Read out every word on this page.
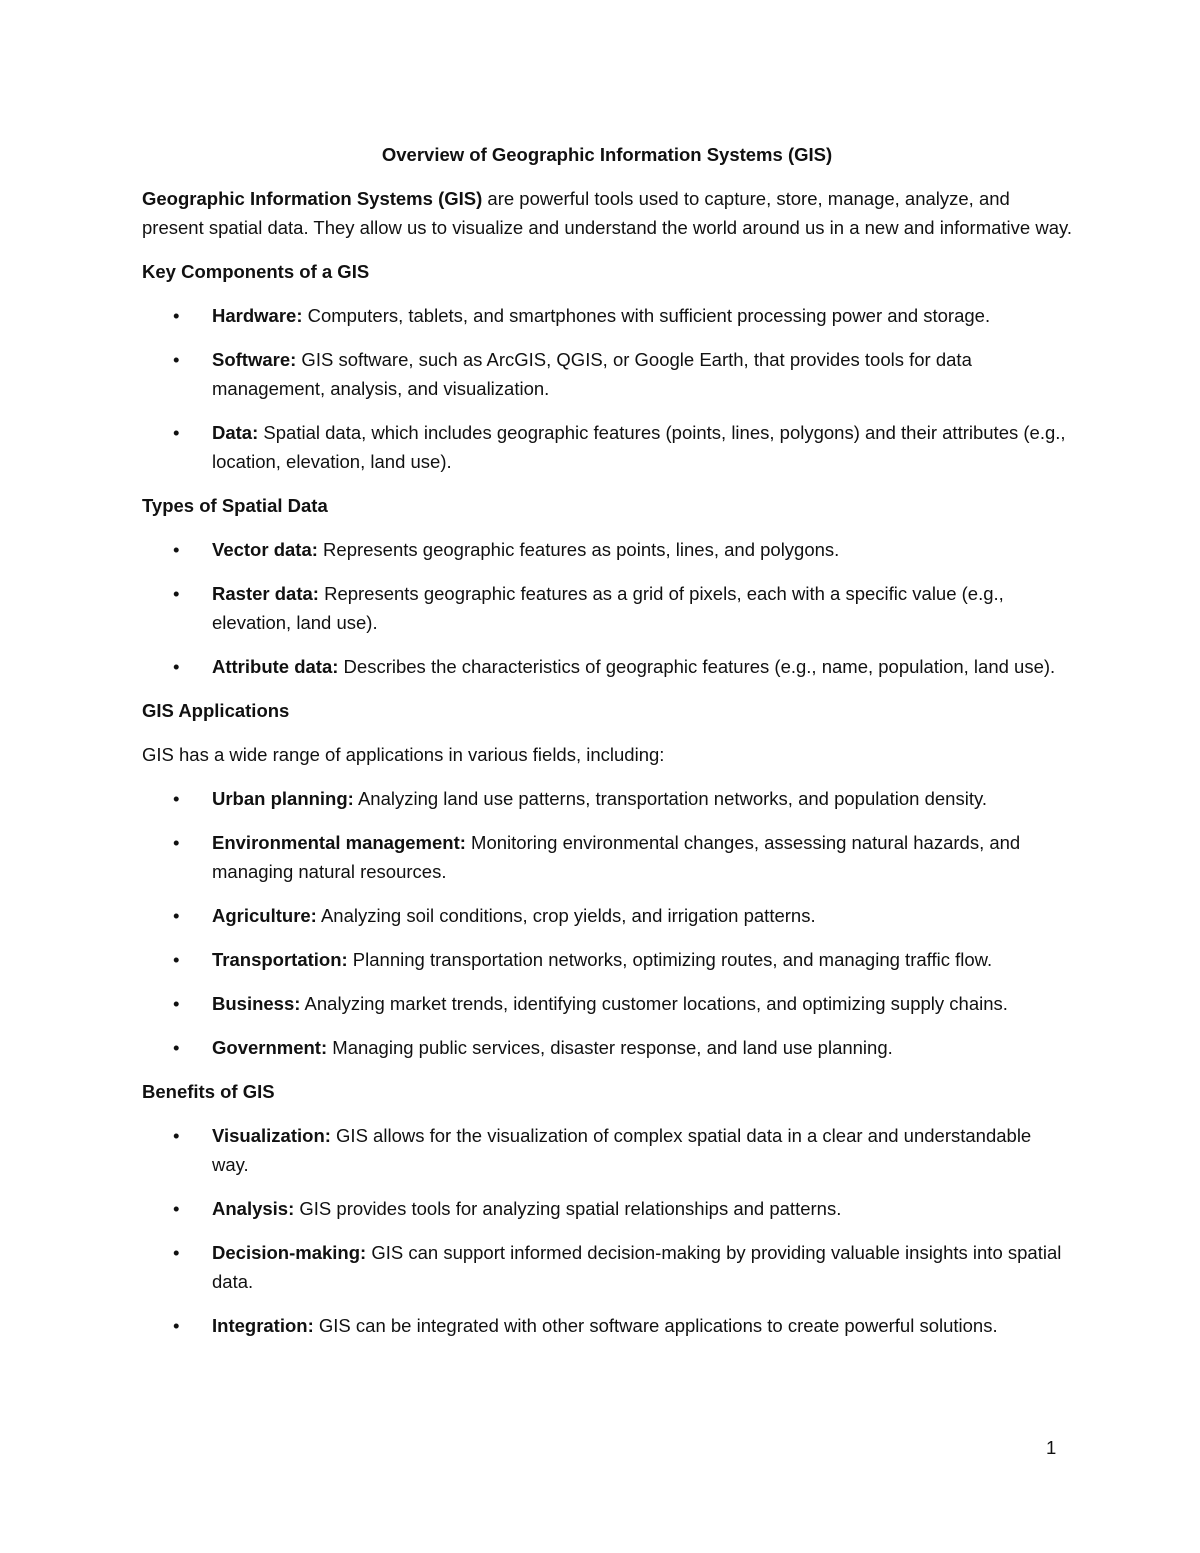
Overview of Geographic Information Systems (GIS)

Geographic Information Systems (GIS) are powerful tools used to capture, store, manage, analyze, and present spatial data. They allow us to visualize and understand the world around us in a new and informative way.

Key Components of a GIS
• Hardware: Computers, tablets, and smartphones with sufficient processing power and storage.
• Software: GIS software, such as ArcGIS, QGIS, or Google Earth, that provides tools for data management, analysis, and visualization.
• Data: Spatial data, which includes geographic features (points, lines, polygons) and their attributes (e.g., location, elevation, land use).
Types of Spatial Data
• Vector data: Represents geographic features as points, lines, and polygons.
• Raster data: Represents geographic features as a grid of pixels, each with a specific value (e.g., elevation, land use).
• Attribute data: Describes the characteristics of geographic features (e.g., name, population, land use).
GIS Applications

GIS has a wide range of applications in various fields, including:

• Urban planning: Analyzing land use patterns, transportation networks, and population density.
• Environmental management: Monitoring environmental changes, assessing natural hazards, and managing natural resources.
• Agriculture: Analyzing soil conditions, crop yields, and irrigation patterns.
• Transportation: Planning transportation networks, optimizing routes, and managing traffic flow.
• Business: Analyzing market trends, identifying customer locations, and optimizing supply chains.
• Government: Managing public services, disaster response, and land use planning.
Benefits of GIS
• Visualization: GIS allows for the visualization of complex spatial data in a clear and understandable way.
• Analysis: GIS provides tools for analyzing spatial relationships and patterns.
• Decision-making: GIS can support informed decision-making by providing valuable insights into spatial data.
• Integration: GIS can be integrated with other software applications to create powerful solutions.
1
